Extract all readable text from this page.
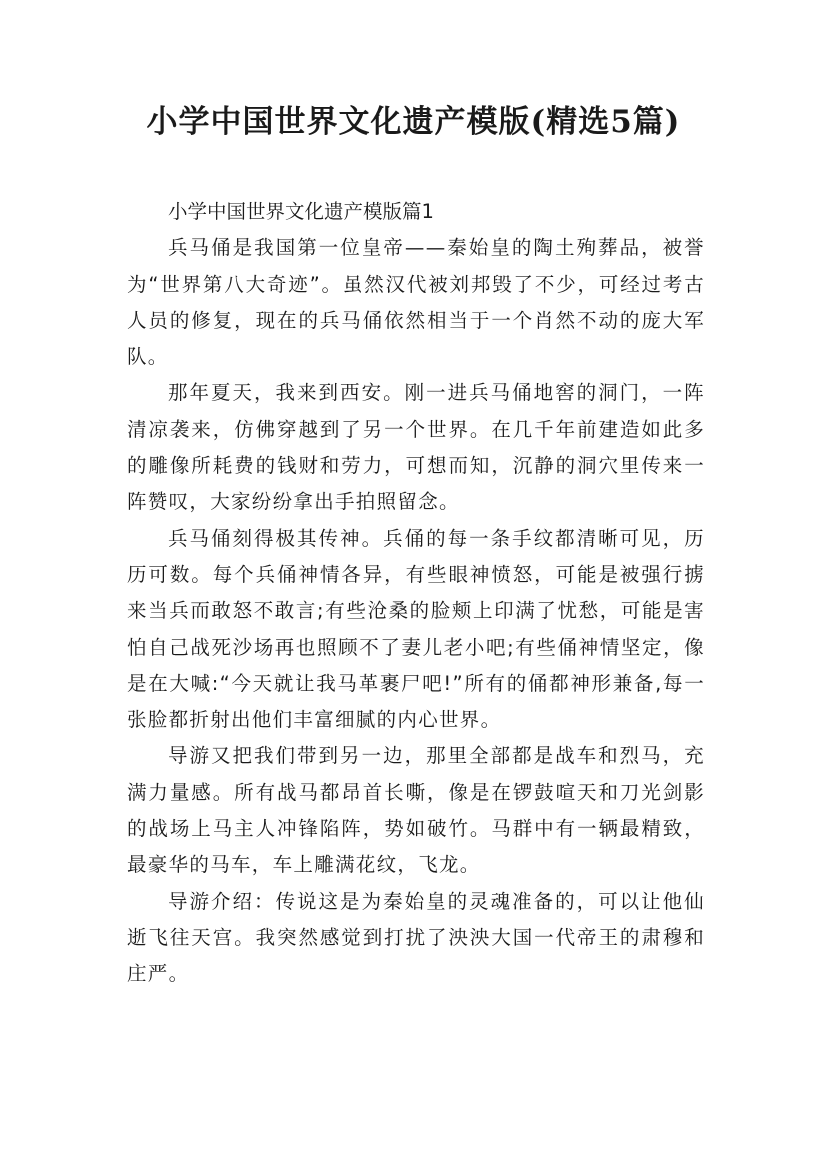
小学中国世界文化遗产模版(精选5篇)

小学中国世界文化遗产模版篇1

兵马俑是我国第一位皇帝——秦始皇的陶土殉葬品，被誉为“世界第八大奇迹”。虽然汉代被刘邦毁了不少，可经过考古人员的修复，现在的兵马俑依然相当于一个肖然不动的庞大军队。

那年夏天，我来到西安。刚一进兵马俑地窖的洞门，一阵清凉袭来，仿佛穿越到了另一个世界。在几千年前建造如此多的雕像所耗费的钱财和劳力，可想而知，沉静的洞穴里传来一阵赞叹，大家纷纷拿出手拍照留念。

兵马俑刻得极其传神。兵俑的每一条手纹都清晰可见，历历可数。每个兵俑神情各异，有些眼神愤怒，可能是被强行掳来当兵而敢怒不敢言;有些沧桑的脸颊上印满了忧愁，可能是害怕自己战死沙场再也照顾不了妻儿老小吧;有些俑神情坚定，像是在大喊:“今天就让我马革裹尸吧!”所有的俑都神形兼备,每一张脸都折射出他们丰富细腻的内心世界。

导游又把我们带到另一边，那里全部都是战车和烈马，充满力量感。所有战马都昂首长嘶，像是在锣鼓喧天和刀光剑影的战场上马主人冲锋陷阵，势如破竹。马群中有一辆最精致，最豪华的马车，车上雕满花纹，飞龙。

导游介绍：传说这是为秦始皇的灵魂准备的，可以让他仙逝飞往天宫。我突然感觉到打扰了泱泱大国一代帝王的肃穆和庄严。
